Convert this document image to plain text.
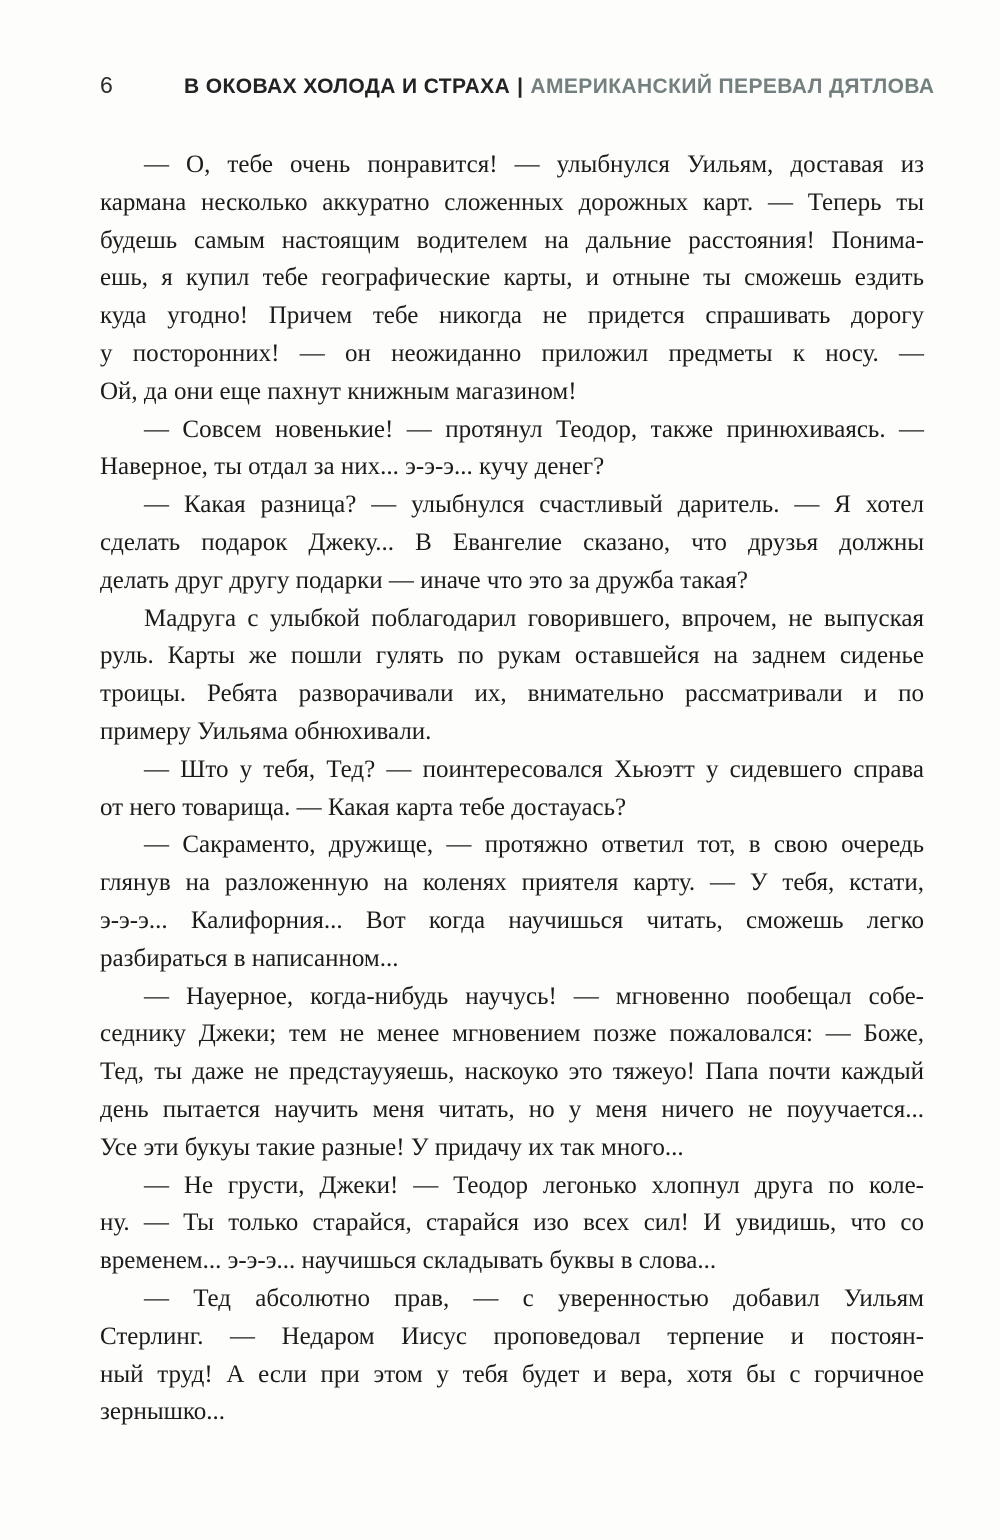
6	В ОКОВАХ ХОЛОДА И СТРАХА | АМЕРИКАНСКИЙ ПЕРЕВАЛ ДЯТЛОВА

— О, тебе очень понравится! — улыбнулся Уильям, доставая из
кармана несколько аккуратно сложенных дорожных карт. — Теперь ты
будешь самым настоящим водителем на дальние расстояния! Понима-
ешь, я купил тебе географические карты, и отныне ты сможешь ездить
куда угодно! Причем тебе никогда не придется спрашивать дорогу
у посторонних! — он неожиданно приложил предметы к носу. —
Ой, да они еще пахнут книжным магазином!

— Совсем новенькие! — протянул Теодор, также принюхиваясь. —
Наверное, ты отдал за них... э-э-э... кучу денег?

— Какая разница? — улыбнулся счастливый даритель. — Я хотел
сделать подарок Джеку... В Евангелие сказано, что друзья должны
делать друг другу подарки — иначе что это за дружба такая?

Мадруга с улыбкой поблагодарил говорившего, впрочем, не выпуская
руль. Карты же пошли гулять по рукам оставшейся на заднем сиденье
троицы. Ребята разворачивали их, внимательно рассматривали и по
примеру Уильяма обнюхивали.

— Што у тебя, Тед? — поинтересовался Хьюэтт у сидевшего справа
от него товарища. — Какая карта тебе достауась?

— Сакраменто, дружище, — протяжно ответил тот, в свою очередь
глянув на разложенную на коленях приятеля карту. — У тебя, кстати,
э-э-э... Калифорния... Вот когда научишься читать, сможешь легко
разбираться в написанном...

— Науерное, когда-нибудь научусь! — мгновенно пообещал собе-
седнику Джеки; тем не менее мгновением позже пожаловался: — Боже,
Тед, ты даже не предстаууяешь, наскоуко это тяжеуо! Папа почти каждый
день пытается научить меня читать, но у меня ничего не поуучается...
Усе эти букуы такие разные! У придачу их так много...

— Не грусти, Джеки! — Теодор легонько хлопнул друга по коле-
ну. — Ты только старайся, старайся изо всех сил! И увидишь, что со
временем... э-э-э... научишься складывать буквы в слова...

— Тед абсолютно прав, — с уверенностью добавил Уильям
Стерлинг. — Недаром Иисус проповедовал терпение и постоян-
ный труд! А если при этом у тебя будет и вера, хотя бы с горчичное
зернышко...
